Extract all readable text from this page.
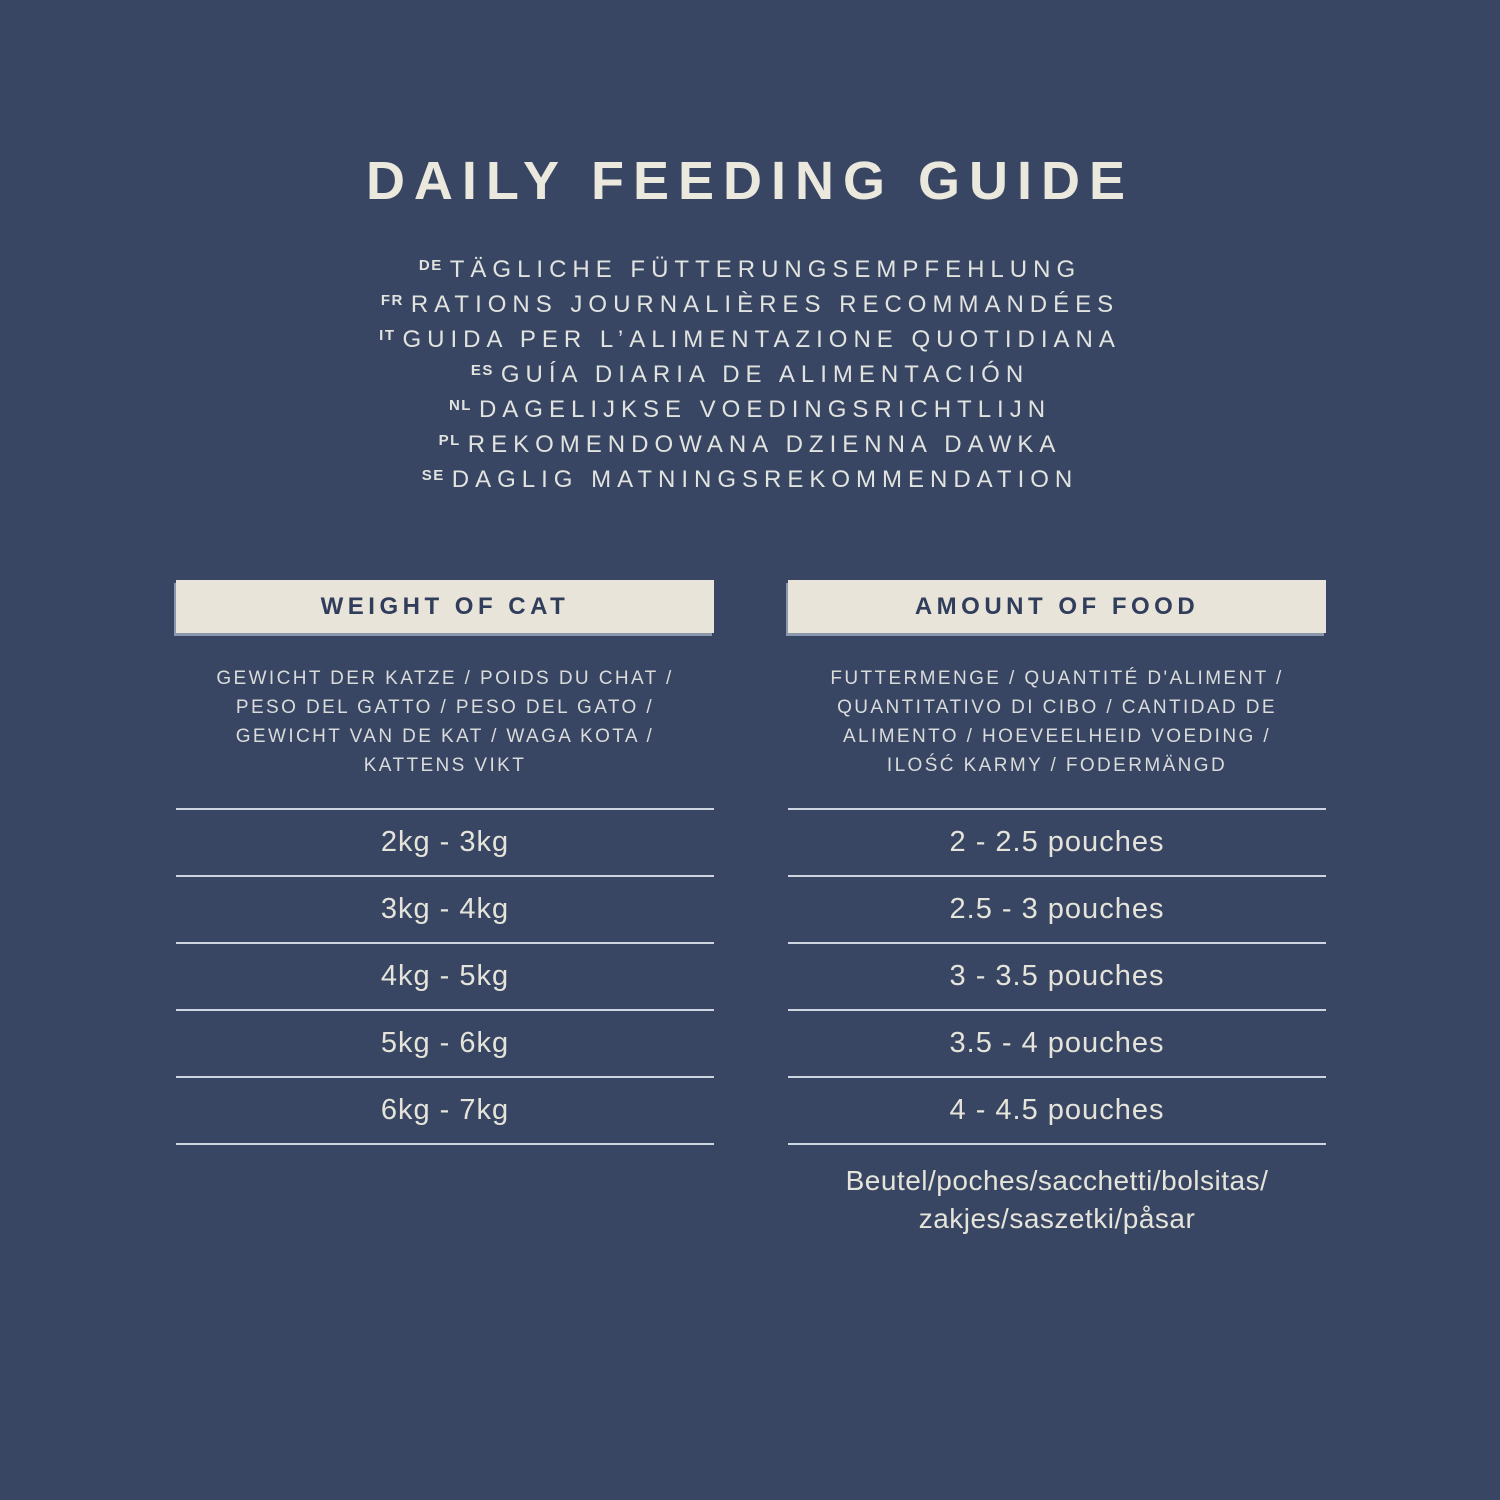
DAILY FEEDING GUIDE
DE TÄGLICHE FÜTTERUNGSEMPFEHLUNG
FR RATIONS JOURNALIÈRES RECOMMANDÉES
IT GUIDA PER L’ALIMENTAZIONE QUOTIDIANA
ES GUÍA DIARIA DE ALIMENTACIÓN
NL DAGELIJKSE VOEDINGSRICHTLIJN
PL REKOMENDOWANA DZIENNA DAWKA
SE DAGLIG MATNINGSREKOMMENDATION
WEIGHT OF CAT
GEWICHT DER KATZE / POIDS DU CHAT /
PESO DEL GATTO / PESO DEL GATO /
GEWICHT VAN DE KAT / WAGA KOTA /
KATTENS VIKT
2kg - 3kg
3kg - 4kg
4kg - 5kg
5kg - 6kg
6kg - 7kg
AMOUNT OF FOOD
FUTTERMENGE / QUANTITÉ D'ALIMENT /
QUANTITATIVO DI CIBO / CANTIDAD DE
ALIMENTO / HOEVEELHEID VOEDING /
ILOŚĆ KARMY / FODERMÄNGD
2 - 2.5 pouches
2.5 - 3 pouches
3 - 3.5 pouches
3.5 - 4 pouches
4 - 4.5 pouches
Beutel/poches/sacchetti/bolsitas/
zakjes/saszetki/påsar
